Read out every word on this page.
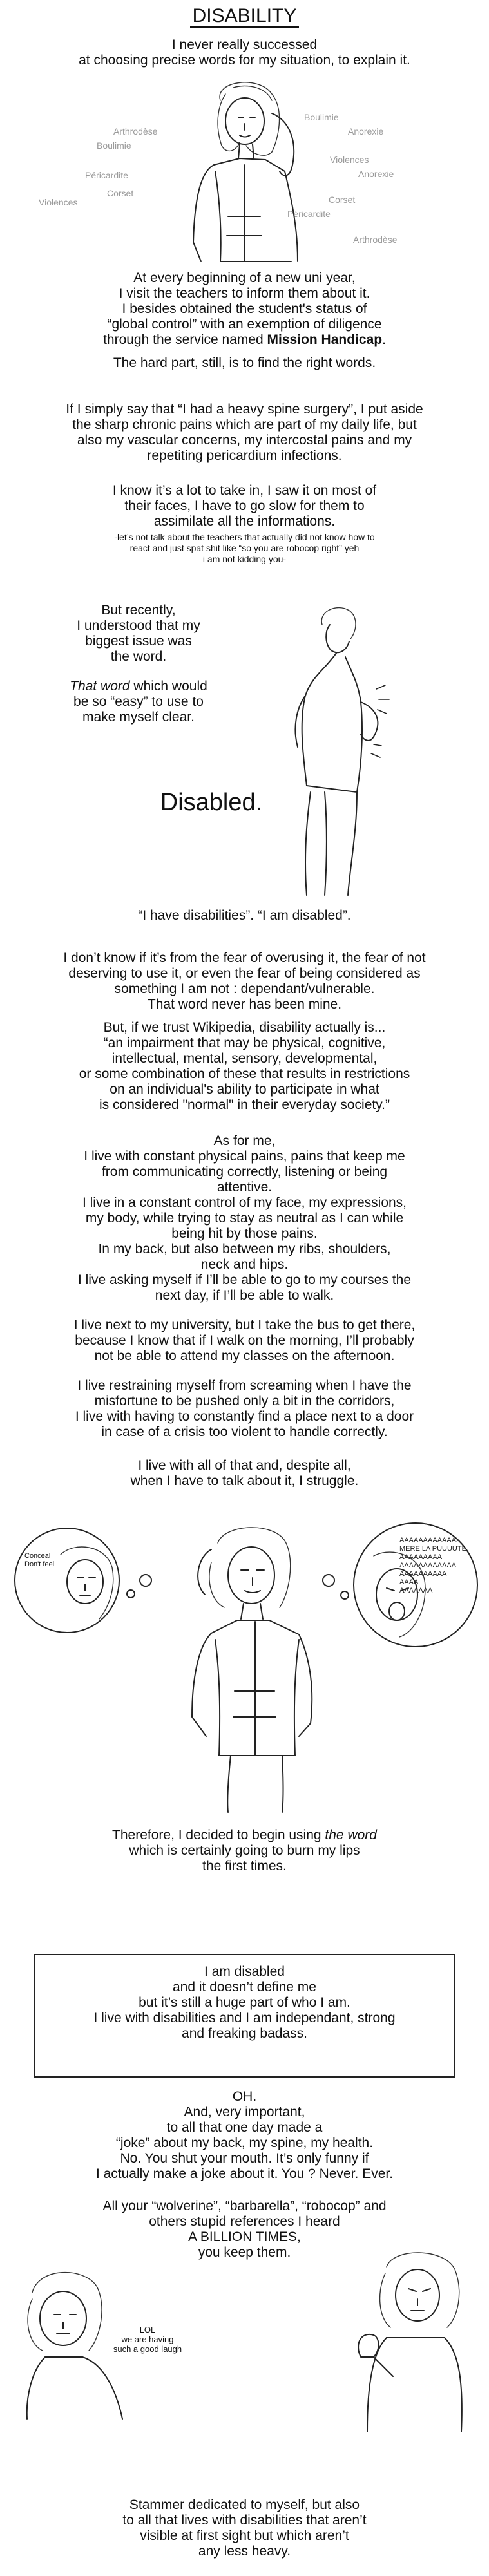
DISABILITY
I never really successed
at choosing precise words for my situation, to explain it.
Arthrodèse
Boulimie
Péricardite
Violences
Corset
Boulimie
Anorexie
Violences
Anorexie
Corset
Péricardite
Arthrodèse
At every beginning of a new uni year,
I visit the teachers to inform them about it.
I besides obtained the student's status of
“global control” with an exemption of diligence
through the service named Mission Handicap.
The hard part, still, is to find the right words.
If I simply say that “I had a heavy spine surgery”, I put aside
the sharp chronic pains which are part of my daily life, but
also my vascular concerns, my intercostal pains and my
repetiting pericardium infections.
I know it’s a lot to take in, I saw it on most of
their faces, I have to go slow for them to
assimilate all the informations.
-let’s not talk about the teachers that actually did not know how to
react and just spat shit like “so you are robocop right” yeh
i am not kidding you-
But recently,
I understood that my
biggest issue was
the word.
That word which would
be so “easy” to use to
make myself clear.
Disabled.
“I have disabilities”. “I am disabled”.
I don’t know if it’s from the fear of overusing it, the fear of not
deserving to use it, or even the fear of being considered as
something I am not : dependant/vulnerable.
That word never has been mine.
But, if we trust Wikipedia, disability actually is...
“an impairment that may be physical, cognitive,
intellectual, mental, sensory, developmental,
or some combination of these that results in restrictions
on an individual's ability to participate in what
is considered "normal" in their everyday society.”
As for me,
I live with constant physical pains, pains that keep me
from communicating correctly, listening or being
attentive.
I live in a constant control of my face, my expressions,
my body, while trying to stay as neutral as I can while
being hit by those pains.
In my back, but also between my ribs, shoulders,
neck and hips.
I live asking myself if I’ll be able to go to my courses the
next day, if I’ll be able to walk.
I live next to my university, but I take the bus to get there,
because I know that if I walk on the morning, I’ll probably
not be able to attend my classes on the afternoon.
I live restraining myself from screaming when I have the
misfortune to be pushed only a bit in the corridors,
I live with having to constantly find a place next to a door
in case of a crisis too violent to handle correctly.
I live with all of that and, despite all,
when I have to talk about it, I struggle.
Conceal
Don't feel
AAAAAAAAAAAAA
MERE LA PUUUUTE
AAAAAAAAA
AAAAAAAAAAAA
AAAAAAAAAA
AAAA
AAAAAAA
Therefore, I decided to begin using the word
which is certainly going to burn my lips
the first times.
I am disabled
and it doesn’t define me
but it’s still a huge part of who I am.
I live with disabilities and I am independant, strong
and freaking badass.
OH.
And, very important,
to all that one day made a
“joke” about my back, my spine, my health.
No. You shut your mouth. It’s only funny if
I actually make a joke about it. You ? Never. Ever.
All your “wolverine”, “barbarella”, “robocop” and
others stupid references I heard
A BILLION TIMES,
you keep them.
LOL
we are having
such a good laugh
Stammer dedicated to myself, but also
to all that lives with disabilities that aren’t
visible at first sight but which aren’t
any less heavy.
